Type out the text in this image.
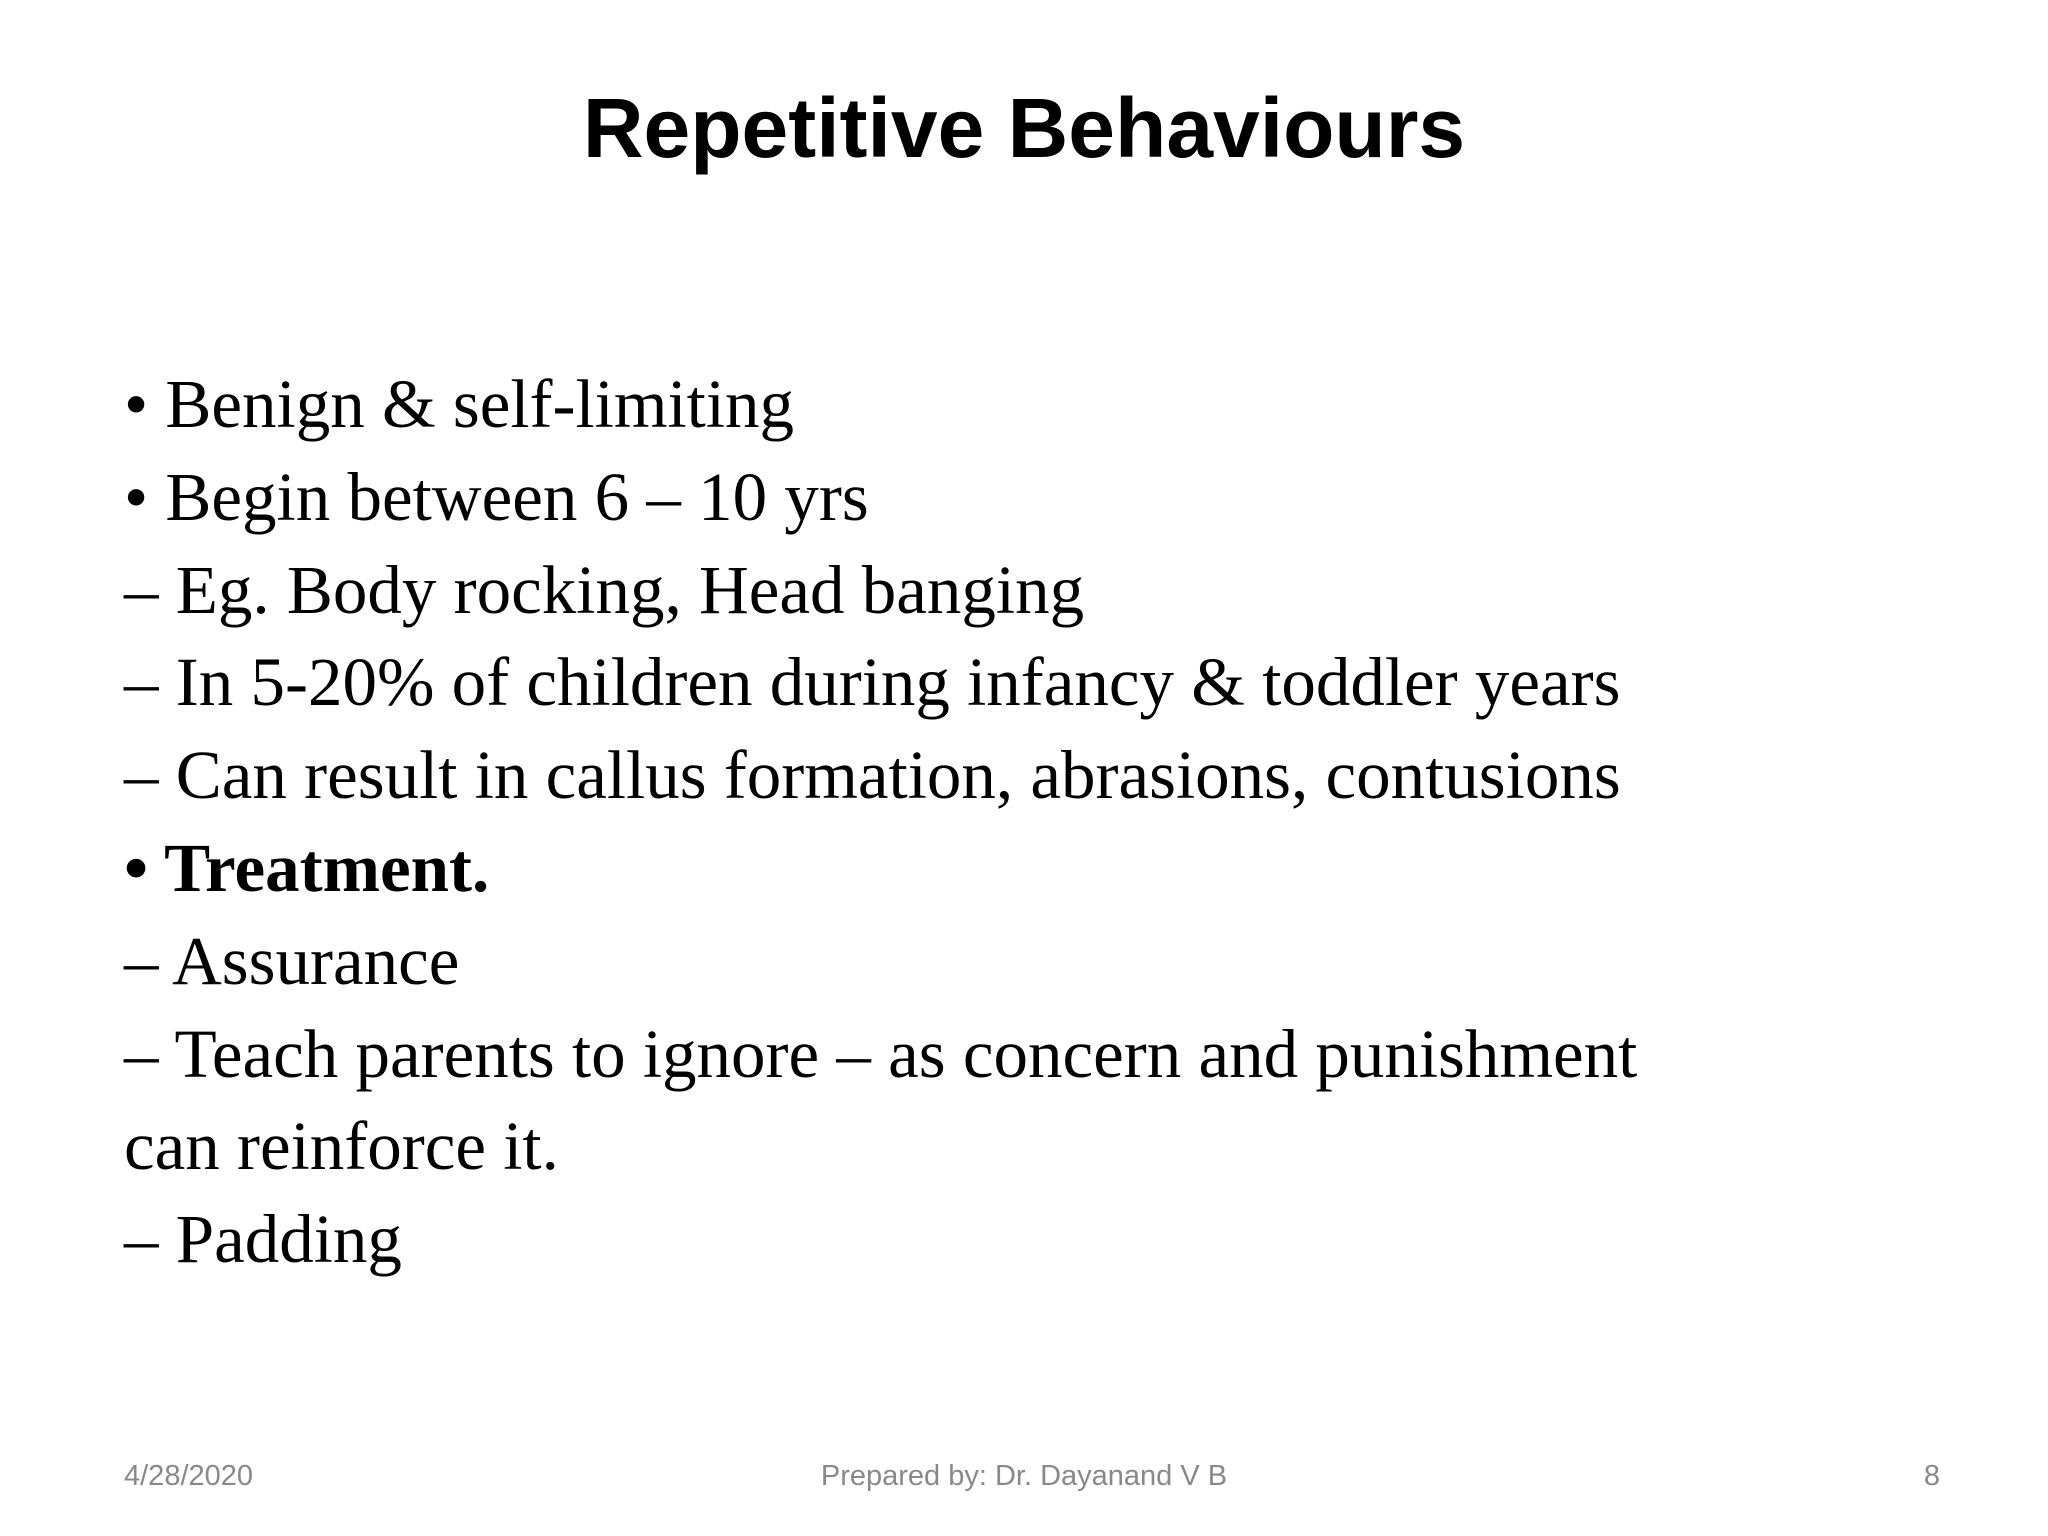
Repetitive Behaviours
• Benign & self-limiting
• Begin between 6 – 10 yrs
– Eg. Body rocking, Head banging
– In 5-20% of children during infancy & toddler years
– Can result in callus formation, abrasions, contusions
• Treatment.
– Assurance
– Teach parents to ignore – as concern and punishment
can reinforce it.
– Padding
4/28/2020	Prepared by: Dr. Dayanand V B	8
